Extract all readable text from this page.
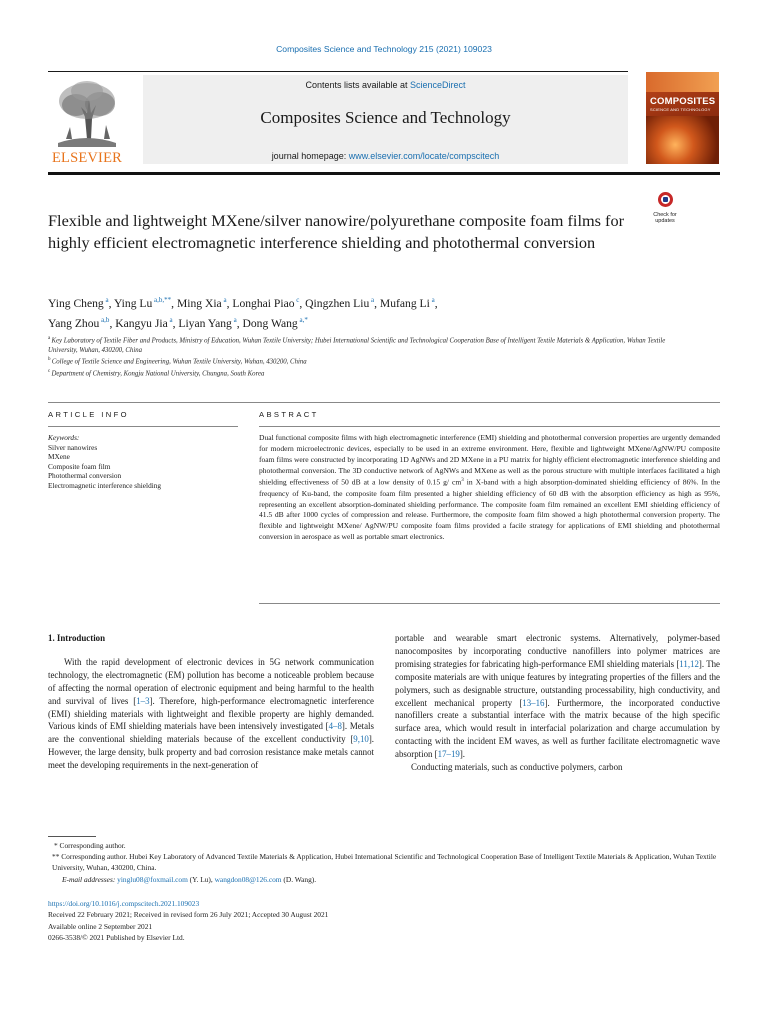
Composites Science and Technology 215 (2021) 109023
ELSEVIER
Contents lists available at ScienceDirect
Composites Science and Technology
journal homepage: www.elsevier.com/locate/compscitech
COMPOSITES
SCIENCE AND TECHNOLOGY
Check for
updates
Flexible and lightweight MXene/silver nanowire/polyurethane composite foam films for highly efficient electromagnetic interference shielding and photothermal conversion
Ying Cheng $^a$, Ying Lu $^{a,b,**}$, Ming Xia $^a$, Longhai Piao $^c$, Qingzhen Liu $^a$, Mufang Li $^a$,
Yang Zhou $^{a,b}$, Kangyu Jia $^a$, Liyan Yang $^a$, Dong Wang $^{a,*}$
$^a$ Key Laboratory of Textile Fiber and Products, Ministry of Education, Wuhan Textile University; Hubei International Scientific and Technological Cooperation Base of Intelligent Textile Materials & Application, Wuhan Textile University, Wuhan, 430200, China
$^b$ College of Textile Science and Engineering, Wuhan Textile University, Wuhan, 430200, China
$^c$ Department of Chemistry, Kongju National University, Chungna, South Korea
ARTICLE INFO	ABSTRACT
Keywords:
Silver nanowires
MXene
Composite foam film
Photothermal conversion
Electromagnetic interference shielding
Dual functional composite films with high electromagnetic interference (EMI) shielding and photothermal conversion properties are urgently demanded for modern microelectronic devices, especially to be used in an extreme environment. Here, flexible and lightweight MXene/AgNW/PU composite foam films were constructed by incorporating 1D AgNWs and 2D MXene in a PU matrix for highly efficient electromagnetic interference shielding and photothermal conversion. The 3D conductive network of AgNWs and MXene as well as the porous structure with multiple interfaces facilitated a high shielding effectiveness of 50 dB at a low density of 0.15 g/ $cm^3$ in X-band with a high absorption-dominated shielding efficiency of 86%. In the frequency of Ku-band, the composite foam film presented a higher shielding efficiency of 60 dB with the absorption efficiency as high as 95%, representing an excellent absorption-dominated shielding performance. The composite foam film remained an excellent EMI shielding efficiency of 41.5 dB after 1000 cycles of compression and release. Furthermore, the composite foam film showed a high photothermal conversion property. The flexible and lightweight MXene/ AgNW/PU composite foam films provided a facile strategy for applications of EMI shielding and photothermal conversion in aerospace as well as portable smart electronics.
1. Introduction

With the rapid development of electronic devices in 5G network communication technology, the electromagnetic (EM) pollution has become a noticeable problem because of affecting the normal operation of electronic equipment and being harmful to the health and survival of lives [1–3]. Therefore, high-performance electromagnetic interference (EMI) shielding materials with lightweight and flexible property are highly demanded. Various kinds of EMI shielding materials have been intensively investigated [4–8]. Metals are the conventional shielding materials because of the excellent conductivity [9,10]. However, the large density, bulk property and bad corrosion resistance make metals cannot meet the developing requirements in the next-generation of

portable and wearable smart electronic systems. Alternatively, polymer-based nanocomposites by incorporating conductive nanofillers into polymer matrices are promising strategies for fabricating high-performance EMI shielding materials [11,12]. The composite materials are with unique features by integrating properties of the fillers and the polymers, such as designable structure, outstanding processability, high conductivity, and excellent mechanical property [13–16]. Furthermore, the incorporated conductive nanofillers create a substantial interface with the matrix because of the high specific surface area, which would result in interfacial polarization and charge accumulation by contacting with the incident EM waves, as well as further facilitate electromagnetic wave absorption [17–19].

Conducting materials, such as conductive polymers, carbon

* Corresponding author.
** Corresponding author. Hubei Key Laboratory of Advanced Textile Materials & Application, Hubei International Scientific and Technological Cooperation Base of Intelligent Textile Materials & Application, Wuhan Textile University, Wuhan, 430200, China.
E-mail addresses: yinglu08@foxmail.com (Y. Lu), wangdon08@126.com (D. Wang).
https://doi.org/10.1016/j.compscitech.2021.109023
Received 22 February 2021; Received in revised form 26 July 2021; Accepted 30 August 2021
Available online 2 September 2021
0266-3538/© 2021 Published by Elsevier Ltd.
